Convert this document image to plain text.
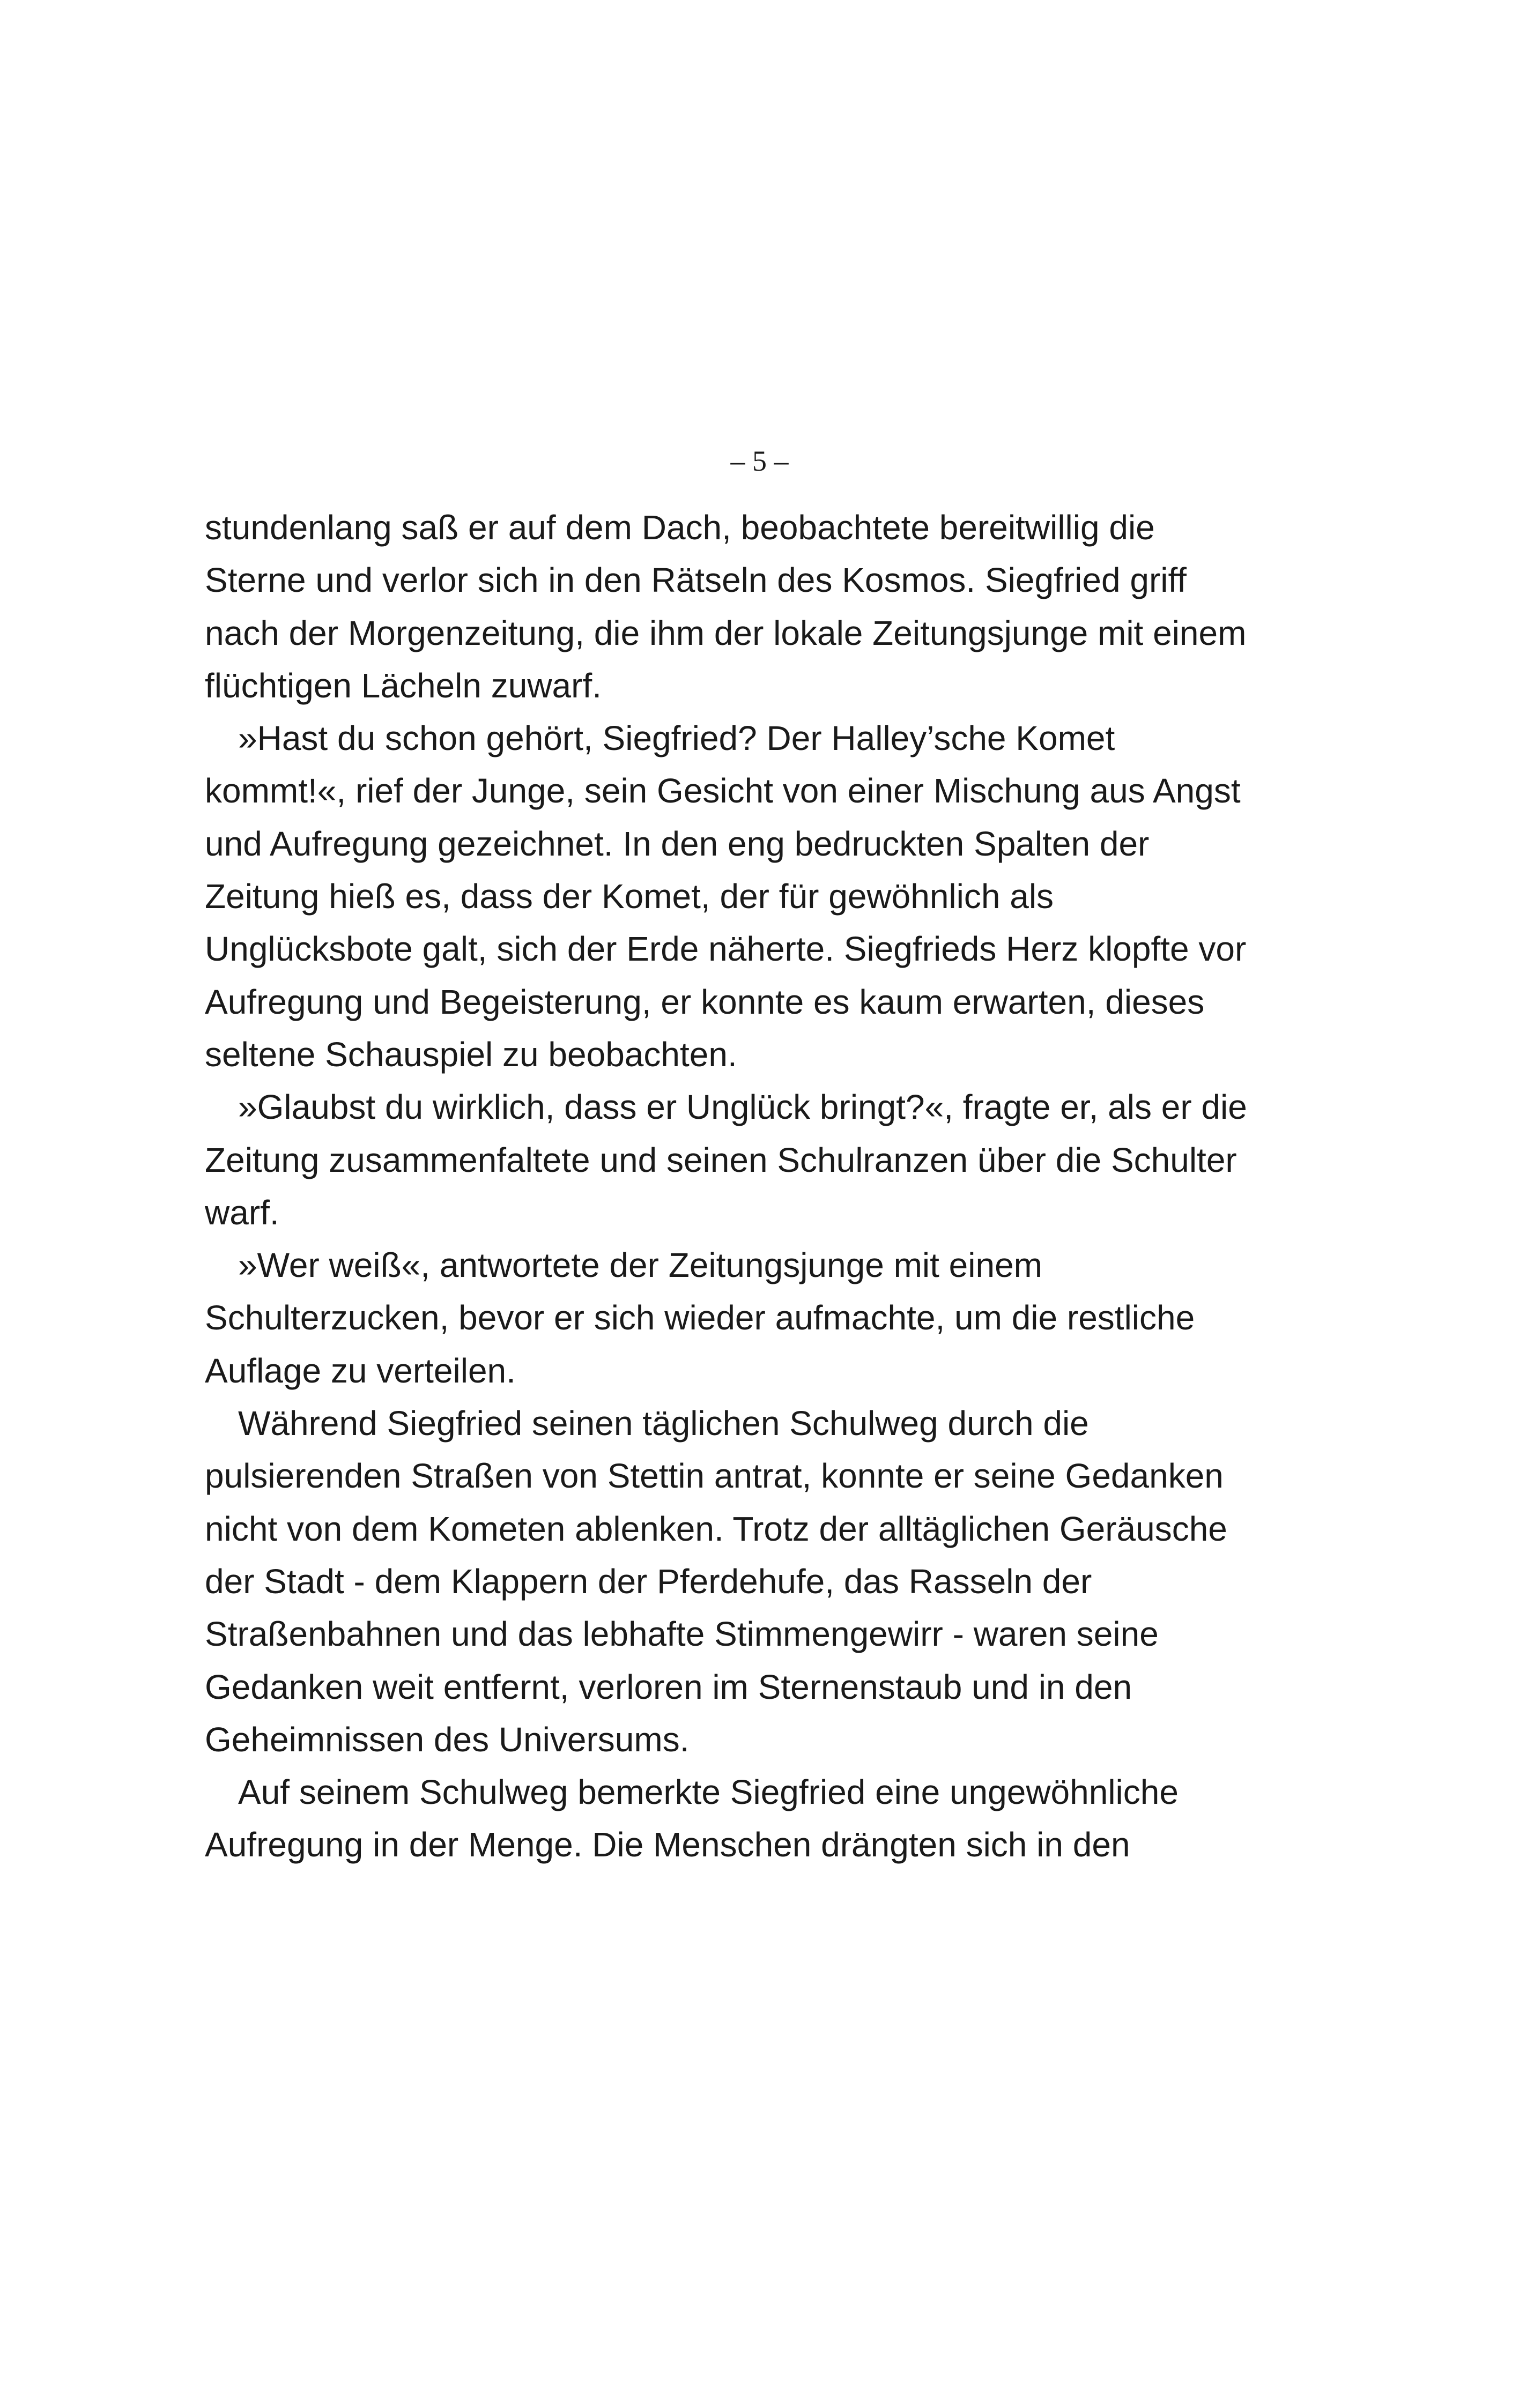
– 5 –
stundenlang saß er auf dem Dach, beobachtete bereitwillig die
Sterne und verlor sich in den Rätseln des Kosmos. Siegfried griff
nach der Morgenzeitung, die ihm der lokale Zeitungsjunge mit einem
flüchtigen Lächeln zuwarf.
»Hast du schon gehört, Siegfried? Der Halley’sche Komet
kommt!«, rief der Junge, sein Gesicht von einer Mischung aus Angst
und Aufregung gezeichnet. In den eng bedruckten Spalten der
Zeitung hieß es, dass der Komet, der für gewöhnlich als
Unglücksbote galt, sich der Erde näherte. Siegfrieds Herz klopfte vor
Aufregung und Begeisterung, er konnte es kaum erwarten, dieses
seltene Schauspiel zu beobachten.
»Glaubst du wirklich, dass er Unglück bringt?«, fragte er, als er die
Zeitung zusammenfaltete und seinen Schulranzen über die Schulter
warf.
»Wer weiß«, antwortete der Zeitungsjunge mit einem
Schulterzucken, bevor er sich wieder aufmachte, um die restliche
Auflage zu verteilen.
Während Siegfried seinen täglichen Schulweg durch die
pulsierenden Straßen von Stettin antrat, konnte er seine Gedanken
nicht von dem Kometen ablenken. Trotz der alltäglichen Geräusche
der Stadt - dem Klappern der Pferdehufe, das Rasseln der
Straßenbahnen und das lebhafte Stimmengewirr - waren seine
Gedanken weit entfernt, verloren im Sternenstaub und in den
Geheimnissen des Universums.
Auf seinem Schulweg bemerkte Siegfried eine ungewöhnliche
Aufregung in der Menge. Die Menschen drängten sich in den
